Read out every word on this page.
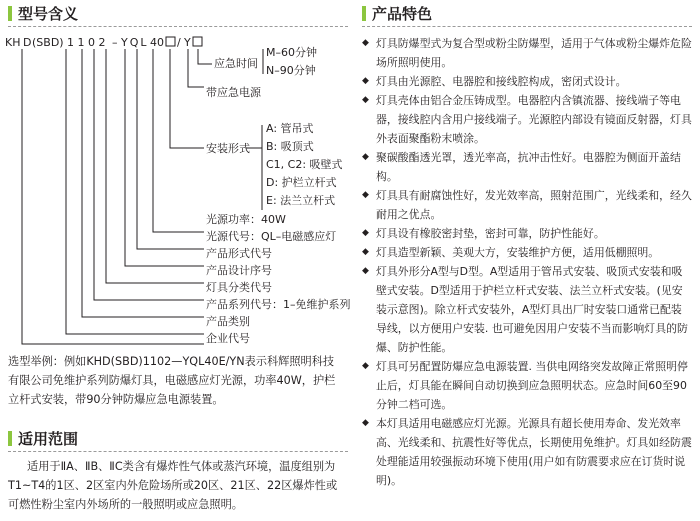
型号含义
KH D (SBD) 1102 – YQL 40 / Y
应急时间
M–60分钟
N–90分钟
带应急电源
A: 管吊式
B: 吸顶式
C1, C2: 吸壁式
安装形式
D: 护栏立杆式
E: 法兰立杆式
光源功率：40W
光源代号：QL–电磁感应灯
产品形式代号
产品设计序号
灯具分类代号
产品系列代号：1–免维护系列
产品类别
企业代号

选型举例：例如KHD(SBD)1102—YQL40E/YN表示科辉照明科技有限公司免维护系列防爆灯具，电磁感应灯光源，功率40W，护栏立杆式安装，带90分钟防爆应急电源装置。

适用范围

适用于ⅡA、ⅡB、ⅡC类含有爆炸性气体或蒸汽环境，温度组别为T1~T4的1区、2区室内外危险场所或20区、21区、22区爆炸性或可燃性粉尘室内外场所的一般照明或应急照明。

产品特色
◆ 灯具防爆型式为复合型或粉尘防爆型，适用于气体或粉尘爆炸危险场所照明使用。
◆ 灯具由光源腔、电器腔和接线腔构成，密闭式设计。
◆ 灯具壳体由铝合金压铸成型。电器腔内含镇流器、接线端子等电器，接线腔内含用户接线端子。光源腔内部设有镜面反射器，灯具外表面聚酯粉末喷涂。
◆ 聚碳酸酯透光罩，透光率高，抗冲击性好。电器腔为侧面开盖结构。
◆ 灯具具有耐腐蚀性好，发光效率高，照射范围广，光线柔和，经久耐用之优点。
◆ 灯具设有橡胶密封垫，密封可靠，防护性能好。
◆ 灯具造型新颖、美观大方，安装维护方便，适用低棚照明。
◆ 灯具外形分A型与D型。A型适用于管吊式安装、吸顶式安装和吸壁式安装。D型适用于护栏立杆式安装、法兰立杆式安装。(见安装示意图)。除立杆式安装外，A型灯具出厂时安装口通常已配装导线，以方便用户安装. 也可避免因用户安装不当而影响灯具的防爆、防护性能。
◆ 灯具可另配置防爆应急电源装置. 当供电网络突发故障正常照明停止后，灯具能在瞬间自动切换到应急照明状态。应急时间60至90分钟二档可选。
◆ 本灯具适用电磁感应灯光源。光源具有超长使用寿命、发光效率高、光线柔和、抗震性好等优点，长期使用免维护。灯具如经防震处理能适用较强振动环境下使用(用户如有防震要求应在订货时说明)。
